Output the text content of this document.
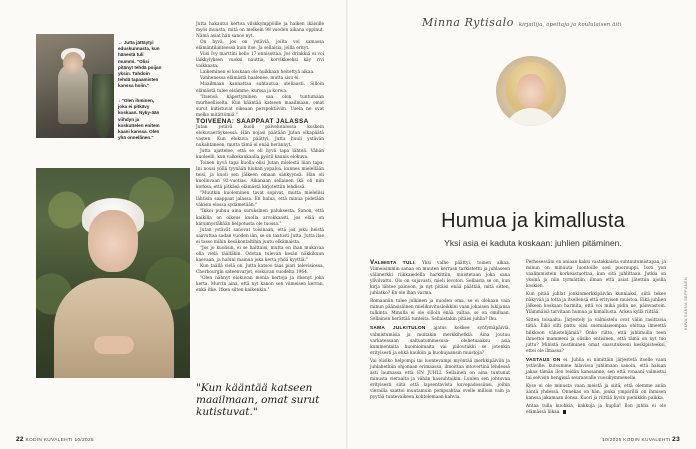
← Jutta jättäytyi eduskunnasta, kun hänestä tuli mummi. "Olisi pitänyt tehdä poijan yksin. Tahdoin tehdä tapaamisten kanssa hoiin."
↓ "Olen ihminen, joka ei pitkävy koskaan. Nyky-ään viihdyn ja koskuttelen enitem kaani kanssa. Olen yhä onnellinen."

Jutta hakautui kertoa vilskkymppöille ja haiken ikäisille myös muusta, mitä on melkein 98 vuoden aikana oppinut. Nämä asiat hän sanoo nyt.

On hyvä, jos on ystäviä, joilta voi samassa elämäntilanteessa kuin itse. Ja sellaisia, joilla erityt.

Viisi Ivy marttini kello 17 ennisottaa. Jos drinkkiä ei voi läikkylyksen vuoksi nauttia, korvikkeeksi käy rivi vaikkaata.

Laikeminen ei koskaan ole huikkaan heitettyä aikaa.

Vanhenessa elämästä haalenee, mutta sisu ei.

Maailmaan kannattaa suhtautua uteliaasti. Silloin elämästä tulee elsämme, kurssa ja korwa.

"Itsensä käpertyminen saa olon tuntumaan murheelliselta. Kun kääntää katseen maailmaan, omat surut kutistuvat oikeaan perspektiiviin. Usein ne ovat melko mitättömiä."

TOIVEENA: SAAPPAAT JALASSA

Jutan ystävä kuoli palvelutalossa koskein elokuvaeräyksessä. Hän nojasi päätään Jutan olkapäätä vasten. Kun elokuva päättyi, Jutta huuli ystävän nukahtaneen, mutta tämä ei enää herännyt.

Jutta ajattelee, että se oli hyvä tapa lähteä. Vähän kuoleelli, kun valkokankaalla pyörii kaunis elokuva.

Toinen hyvä tapa kuolla olisi Jutan mielestä liian tapa. Ini nousi yöllä tyynään hiukan yopaloa, kunnes mielellään teisi, ja kuoli sen jälkeen omaan sänkyynsä. Hän oli kuolinvaan 92-vuotias. Aikanaan sellainen lkä oli niin korkea, että pitkäeä elämästä kirjotettiin lehdissä.

"Muutkin kuoleminen tavat sopivat, mutta mieleliisi lähtisin saappaat jalassa. En halua, että minua pidetään väkisin elossa sydämetään."

"Ikkoi puhuu aina suruksinen paluksesta. Sanon, että kaikilla on oikeus kuolla arvokkaasti, jos elää on kärsimystäkään helpotusta ole tuossa."

Jutan ystävät sanovat toisinaan, että jos joku heistä saavuttaa sadan vuoden iän, se on taatusti Jutta. Jutta itse ei tasso mihin kesäkontaltihin juutu elkämaista.

"Jos jo kuolisin, ei se haittaisi, mutta on ihan mukavaa olla vielä täälläkin. Odotan tulevan kesän näkkikuun kaevaan, ja haluni mainua joka kerta yhdä kyyttiä."

Kun taällä vielä on, Jutta katsoo taas piari televisiossa, Cherbourgin sateenvarjot, elokuvan vuodelta 1964.

"Olen nähnyt elokuvan monia kertoja ja itkenyt joka kerta. Murrin aina, että nyt kanon sen viimeisen kerran, enkä itke. Itken silten kaikenkin."

"Kun kääntää katseen maailmaan, omat surut kutistuvat."
22 KODIN KUVALEHTI 10/2025
Minna Rytisalo kirjailija, opettaja ja koululaisen äiti
Humua ja kimallusta
Yksi asia ei kaduta koskaan: juhlien pitäminen.

VALMISTA TULI. Yksi valhe päättyi, toinen alkaa. Viimeisimmin sanaa on muuten kerrasn tarkistettu ja juhlaseen välimerkki riikkaiedella harkittiin, muistetaan joka sana ylivilvattu. Olo on sujuvasti, mieli levoton. Sellaista se on, kun kirja lähtee painoon, ja nyt pitäisi enää päättää, mitä sitten, juhlatko? En ole ihan varma.

Romaaniin tulee julkinen ja nuoden oma, se ei olekaan vain minun päänsisäinen mielikuvitusleikkini vaan jokaisen lukijansa tulkinta. Minulla ei ole silloin enää valtaa, se on omillaan. Sellainen herättää tunteita. Sellaistakin pitäisi juhlia? Ihu.

SAMA JULKITULON ajatus koskee syntymäpäiviä, valmistumisia ja muitakin merkkihetkiä. Aina joutuu varkatessaan saltuatummesusa- olehetuaaksu asia kummentaita huomioimaita vai piiloutukki se jotenkin erityisesti ja ehkä kaukiin ja kuohujaansin muistoja?

Vai olisiko helpompi tai luontevampi myöntää merkkipäiviin ja juhlahetkiin ohjonaan erimaassa, ilmoittaa intovertinä lehdessä asti laumassa että EN JUHLI. Sellainen on aina tuntunut minusta vieraalta ja vähän hassuhtaikin. Luulen sen johtuvan erityisesti siitä että lapsentavista kuvepadossiinsi, joihin vierailla saattoi muutamuin pompsahtaa ovelle milloin vain ja pyytää tuntevaikeen kohtelemaan kahvia.

Perhesessäni on aniaan kaksi vastakkaista suhtautumistapaa, ja minun on minuuta luontoille sosi puoruuppi. Isoti yon vaalimmistein korkeastuottaa, kun sitä juhlittaan. Jutkia on yksinä ja niin tyrmättiin, ilman että asiat jätettiin ajoilla koskien.

Kun pitää juhlat jonkinmerkkipäivän kunniaksi, siitä tekee näkyvää ja totta ja itsellensä että erityisen muistoa. Eikä juhlien jälkeen koskaan harmita, että voi mikä pidin ne, päinvastoin. Ylämmäisä tarvitaan humua ja kimallusta. Arkea kyllä riittää.

Sitten toisaalta: Järjestely ja valmistelu ovat välin rasittavia tätiä. Eikö silti pattu olisi suomalaisempaa ohittaa ilmeettä hilkkoon vähistelijämiä? Onko riitto, että juhlimulla teen ihmettoi mammeni ja olisiko entisinen, että tämä on nyt tuo juttu? Ministä nostiminen omat saavutukseni keskipisteeksi, ettei ole ilmassa?

VASTAUS ON ei. Juhlia ei nimittäin järjestetä itselle vaan ystäville: kutsumme hilavissa juhlimaan sanoin, että haluan jakaa tämän ilon teidän kanssanne, sen että ronaani valmistui tai selvisin hengissä seuraavalle vuosikymmenelle.

Kyse ei ole minusta vaan meistä ja siitä, että olemme aniin ääntä yhdessä. Onnekas on hän, jonka ympärillä on ihmisen kanssa jakamaan ilonsa. Kuori ja riittää hyvin pienikkin paikka.

Antaa tulla kuohkia, kakkuja ja kuplia! Ilon juhlia ei ole elämässä liikaa.

KUVA SANNA SEPPÄNEN
10/2025 KODIN KUVALEHTI 23
